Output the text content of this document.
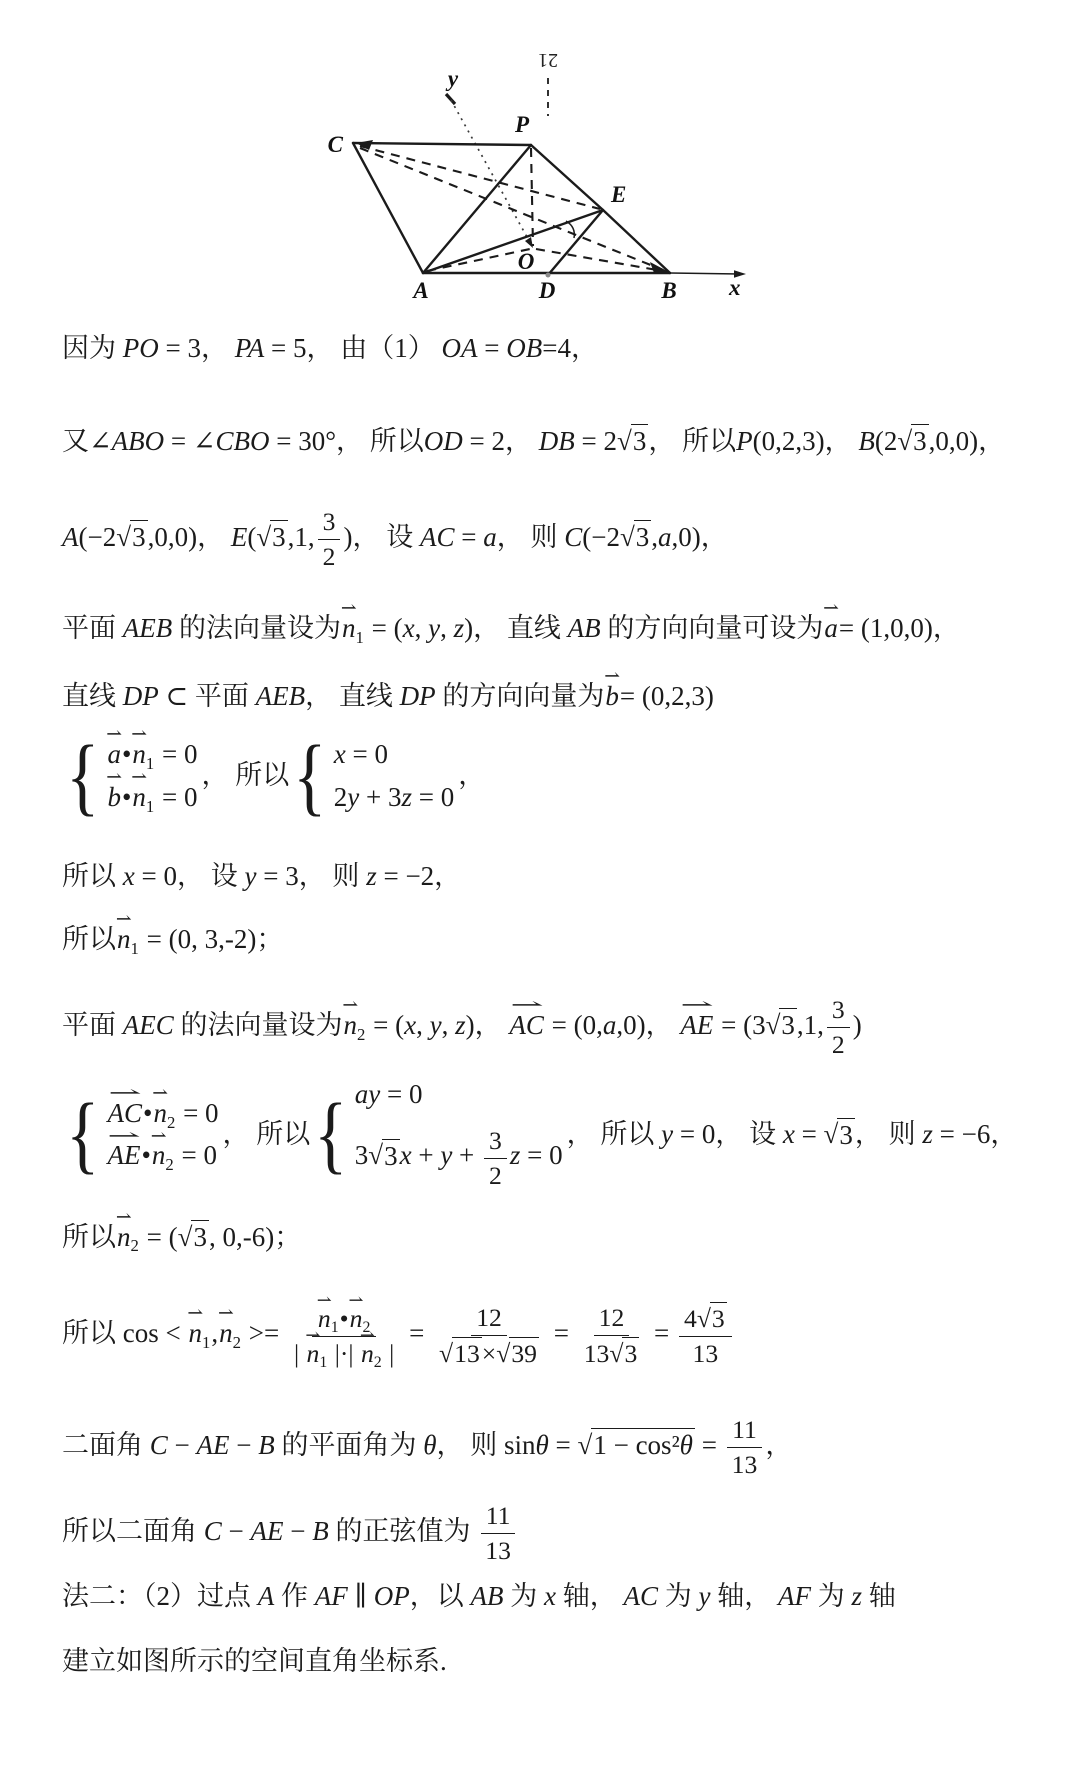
21
C
P
E
O
A	D	B x
y
因为 PO = 3 ， PA = 5 ， 由（1） OA = OB=4 ，
又 ∠ABO = ∠CBO = 30° ， 所以 OD = 2 ， DB = 2 √ 3 ， 所以 P(0,2,3) ， B(2 √ 3 ,0,0) ，
A(−2 √ 3 ,0,0) ， E( √ 3 ,1, $\frac{3}{2}$ ) ， 设 AC = a ， 则 C(−2 √ 3 ,a,0) ，
平面 AEB 的法向量设为 ⇀ n 1 = (x, y, z) ， 直线 AB 的方向向量可设为 ⇀ a = (1,0,0) ，
直线 DP ⊂ 平面 AEB ， 直线 DP 的方向向量为 ⇀ b = (0,2,3)
{ ⇀ a • ⇀ n 1 = 0
⇀ b • ⇀ n 1 = 0
， 所以 { x = 0
2y + 3z = 0
，
所以 x = 0 ， 设 y = 3 ， 则 z = −2 ，
所以 ⇀ n 1 = (0, 3,-2) ；
平面 AEC 的法向量设为 ⇀ n 2 = (x, y, z) ， ⇀ AC = (0,a,0) ， ⇀ AE = (3 √ 3 ,1, $\frac{3}{2}$ )
{ ⇀ AC • ⇀ n 2 = 0
⇀ AE • ⇀ n 2 = 0
， 所以 { ay = 0
3 √ 3 $x + y + \frac{3}{2}$ z = 0
， 所以 y = 0 ， 设 x = √ 3 ， 则 z = −6 ，
所以 ⇀ n 2 = ( √ 3 , 0,-6) ；
所以 cos < ⇀ n 1 , ⇀ n 2 >= ⇀ $\frac{n 1 • ⇀ n 2}{| ⇀ n 1 |\cdot| ⇀ n 2 |} = \frac{12}{√ 13 \times √ 39} = \frac{12}{13 √ 3} = \frac{4 √ 3}{13}$
二面角 C − AE − B 的平面角为 θ ， 则 sin θ = √ $1 - \cos^2\theta = \frac{11}{13}$ ，
所以二面角 C − AE − B 的正弦值为 $\frac{11}{13}$
法二：（2）过点 A 作 AF ∥ OP ，以 AB 为 x 轴， AC 为 y 轴， AF 为 z 轴
建立如图所示的空间直角坐标系.
